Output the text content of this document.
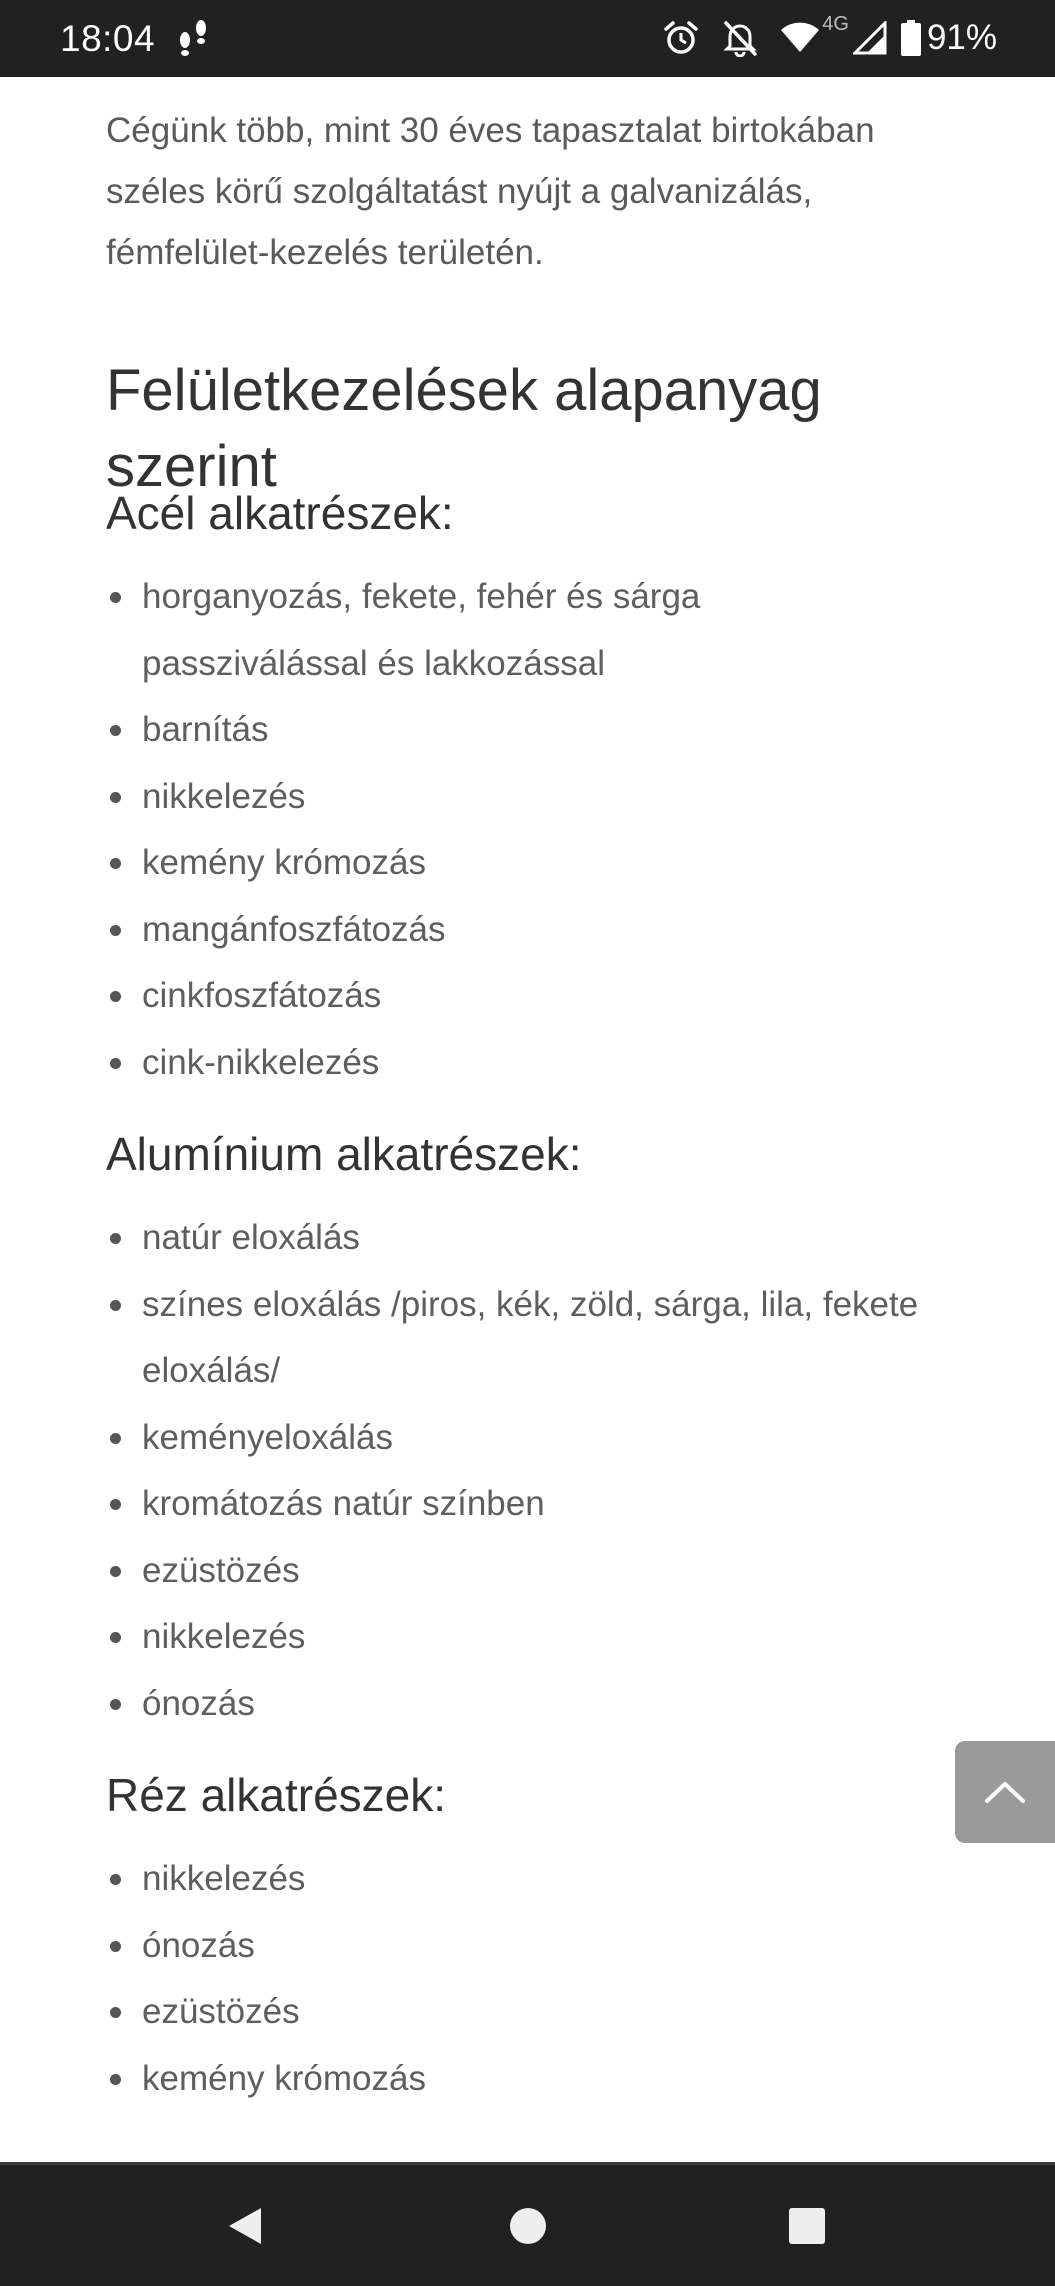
18:04	4G 91%

Cégünk több, mint 30 éves tapasztalat birtokában széles körű szolgáltatást nyújt a galvanizálás, fémfelület-kezelés területén.

Felületkezelések alapanyag szerint
Acél alkatrészek:
horganyozás, fekete, fehér és sárga passziválással és lakkozással
barnítás
nikkelezés
kemény krómozás
mangánfoszfátozás
cinkfoszfátozás
cink-nikkelezés
Alumínium alkatrészek:
natúr eloxálás
színes eloxálás /piros, kék, zöld, sárga, lila, fekete eloxálás/
keményeloxálás
kromátozás natúr színben
ezüstözés
nikkelezés
ónozás
Réz alkatrészek:
nikkelezés
ónozás
ezüstözés
kemény krómozás
